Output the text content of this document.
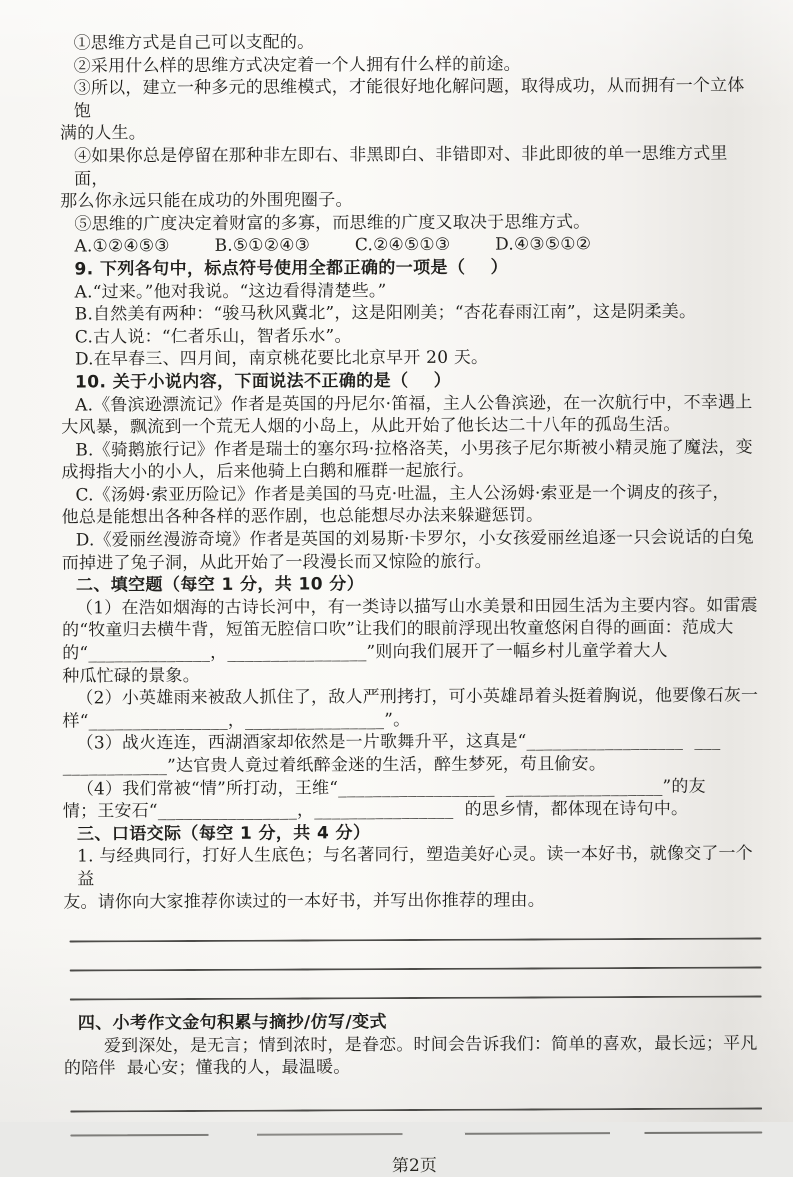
①思维方式是自己可以支配的。
②采用什么样的思维方式决定着一个人拥有什么样的前途。
③所以，建立一种多元的思维模式，才能很好地化解问题，取得成功，从而拥有一个立体饱
满的人生。
④如果你总是停留在那种非左即右、非黑即白、非错即对、非此即彼的单一思维方式里面，
那么你永远只能在成功的外围兜圈子。
⑤思维的广度决定着财富的多寡，而思维的广度又取决于思维方式。
A.①②④⑤③        B.⑤①②④③        C.②④⑤①③        D.④③⑤①②
9. 下列各句中，标点符号使用全都正确的一项是（    ）
A.“过来。”他对我说。“这边看得清楚些。”
B.自然美有两种：“骏马秋风冀北”，这是阳刚美；“杏花春雨江南”，这是阴柔美。
C.古人说：“仁者乐山，智者乐水”。
D.在早春三、四月间，南京桃花要比北京早开 20 天。
10. 关于小说内容，下面说法不正确的是（    ）
A.《鲁滨逊漂流记》作者是英国的丹尼尔·笛福，主人公鲁滨逊，在一次航行中，不幸遇上
大风暴，飘流到一个荒无人烟的小岛上，从此开始了他长达二十八年的孤岛生活。
B.《骑鹅旅行记》作者是瑞士的塞尔玛·拉格洛芙，小男孩子尼尔斯被小精灵施了魔法，变
成拇指大小的小人，后来他骑上白鹅和雁群一起旅行。
C.《汤姆·索亚历险记》作者是美国的马克·吐温，主人公汤姆·索亚是一个调皮的孩子，
他总是能想出各种各样的恶作剧，也总能想尽办法来躲避惩罚。
D.《爱丽丝漫游奇境》作者是英国的刘易斯·卡罗尔，小女孩爱丽丝追逐一只会说话的白兔
而掉进了兔子洞，从此开始了一段漫长而又惊险的旅行。
二、填空题（每空 1 分，共 10 分）
（1）在浩如烟海的古诗长河中，有一类诗以描写山水美景和田园生活为主要内容。如雷震
的“牧童归去横牛背，短笛无腔信口吹”让我们的眼前浮现出牧童悠闲自得的画面：范成大
的“______________，________________”则向我们展开了一幅乡村儿童学着大人
种瓜忙碌的景象。
（2）小英雄雨来被敌人抓住了，敌人严刑拷打，可小英雄昂着头挺着胸说，他要像石灰一
样“________________，________________”。
（3）战火连连，西湖酒家却依然是一片歌舞升平，这真是“__________________  ___
____________”达官贵人竟过着纸醉金迷的生活，醉生梦死，苟且偷安。
（4）我们常被“情”所打动，王维“__________________  __________________”的友
情；王安石“________________，________________  的思乡情，都体现在诗句中。
三、口语交际（每空 1 分，共 4 分）
1. 与经典同行，打好人生底色；与名著同行，塑造美好心灵。读一本好书，就像交了一个益
友。请你向大家推荐你读过的一本好书，并写出你推荐的理由。
四、小考作文金句积累与摘抄/仿写/变式
爱到深处，是无言；情到浓时，是眷恋。时间会告诉我们：简单的喜欢，最长远；平凡
的陪伴  最心安；懂我的人，最温暖。
第2页
